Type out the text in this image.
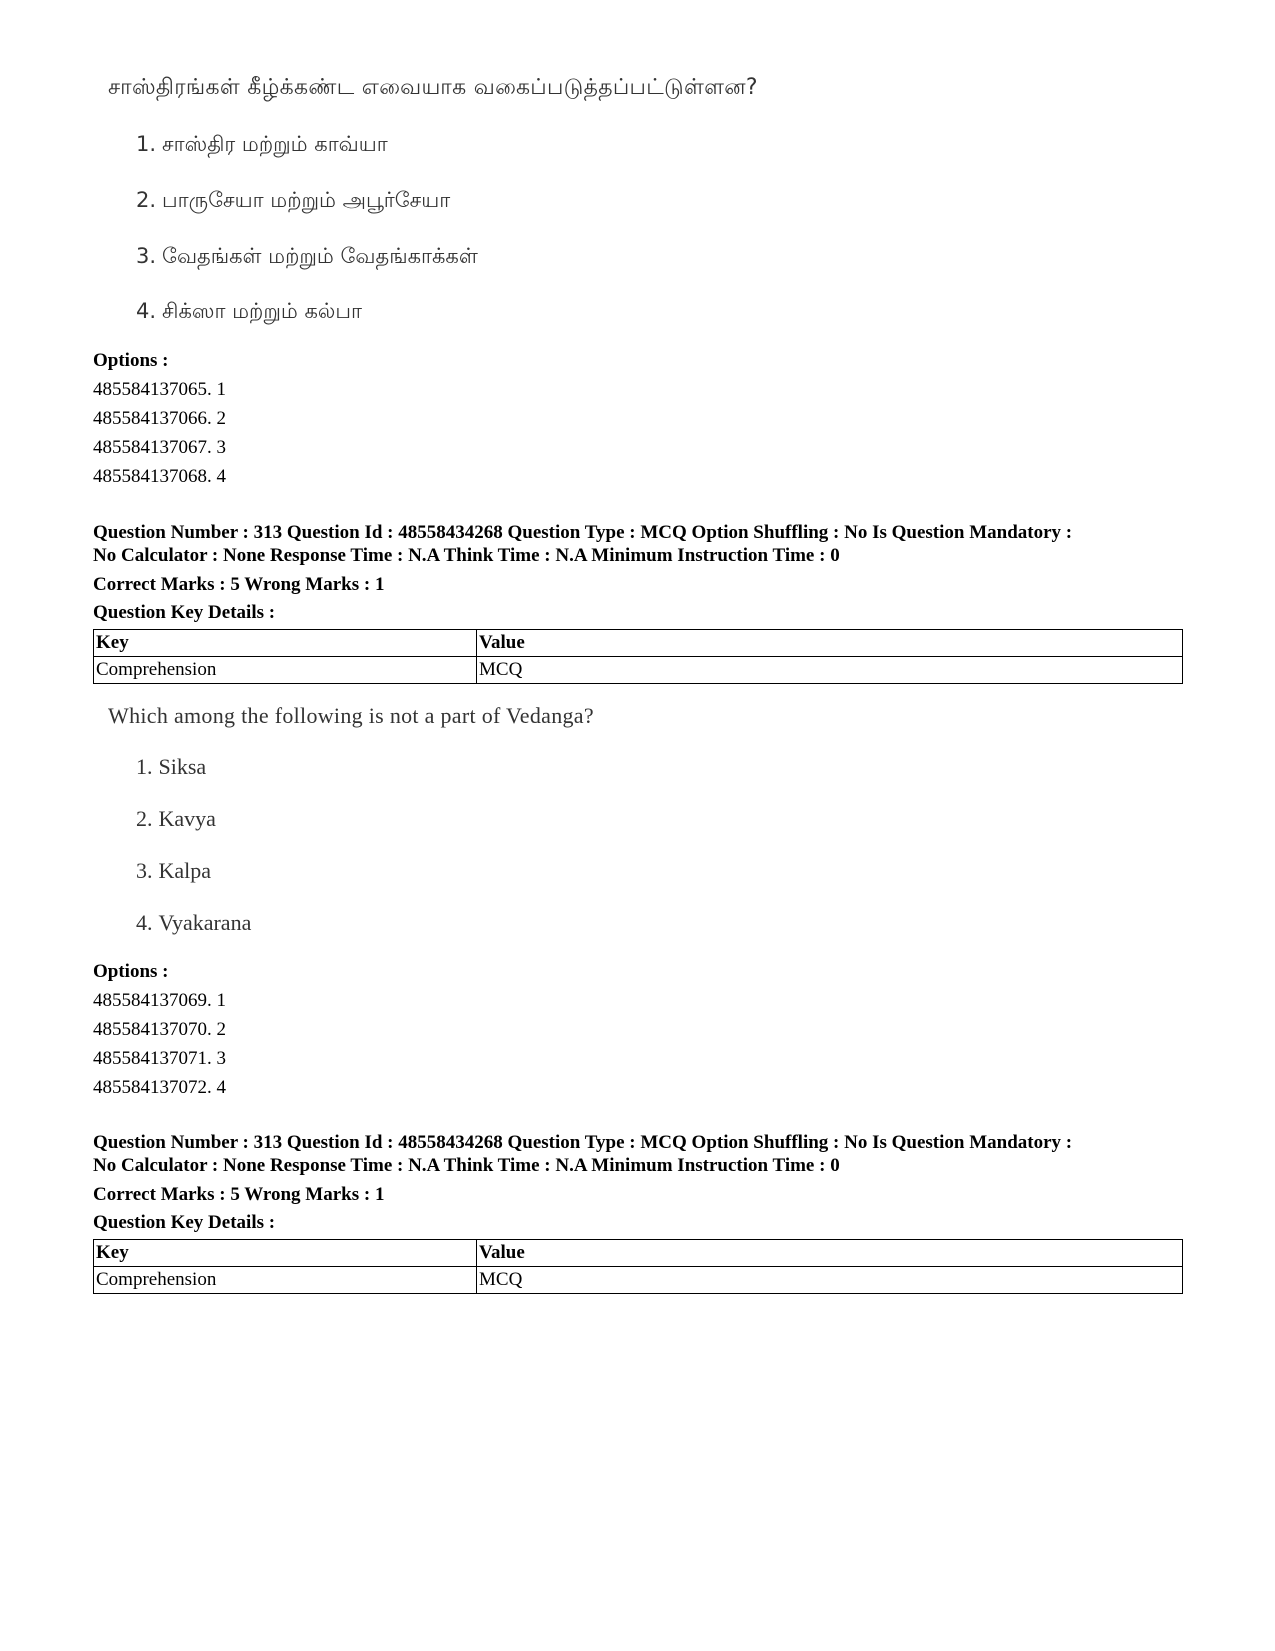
சாஸ்திரங்கள் கீழ்க்கண்ட எவையாக வகைப்படுத்தப்பட்டுள்ளன?
1. சாஸ்திர மற்றும் காவ்யா
2. பாருசேயா மற்றும் அபூர்சேயா
3. வேதங்கள் மற்றும் வேதங்காக்கள்
4. சிக்ஸா மற்றும் கல்பா
Options :
485584137065. 1
485584137066. 2
485584137067. 3
485584137068. 4
Question Number : 313 Question Id : 48558434268 Question Type : MCQ Option Shuffling : No Is Question Mandatory :
No Calculator : None Response Time : N.A Think Time : N.A Minimum Instruction Time : 0
Correct Marks : 5 Wrong Marks : 1
Question Key Details :
Key	Value
Comprehension	MCQ
Which among the following is not a part of Vedanga?
1. Siksa
2. Kavya
3. Kalpa
4. Vyakarana
Options :
485584137069. 1
485584137070. 2
485584137071. 3
485584137072. 4
Question Number : 313 Question Id : 48558434268 Question Type : MCQ Option Shuffling : No Is Question Mandatory :
No Calculator : None Response Time : N.A Think Time : N.A Minimum Instruction Time : 0
Correct Marks : 5 Wrong Marks : 1
Question Key Details :
Key	Value
Comprehension	MCQ
